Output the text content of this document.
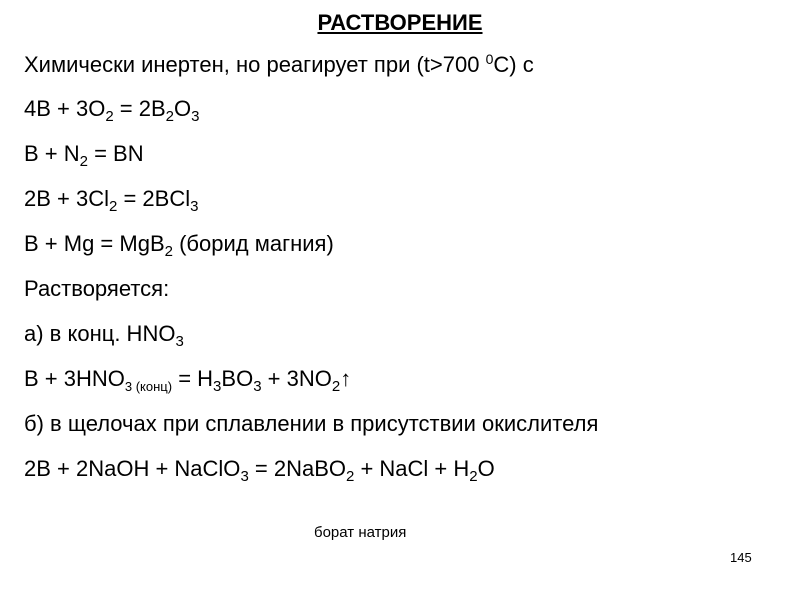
РАСТВОРЕНИЕ
Химически инертен, но реагирует при (t>700 $^0$C) с
$4B + 3O_2 = 2B_2O_3$
$B + N_2$ = BN
$2B + 3Cl_2 = 2BCl_3$
B + Mg = MgB$_2$ (борид магния)
Растворяется:
а) в конц. $HNO_3$
$B + 3HNO_{3 (конц)} = H_3BO_3$ + $3NO_2↑$
б) в щелочах при сплавлении в присутствии окислителя
2B + 2NaOH + NaClO$_3$ = 2NaBO$_2$ + NaCl + $H_2O$
борат натрия
145
